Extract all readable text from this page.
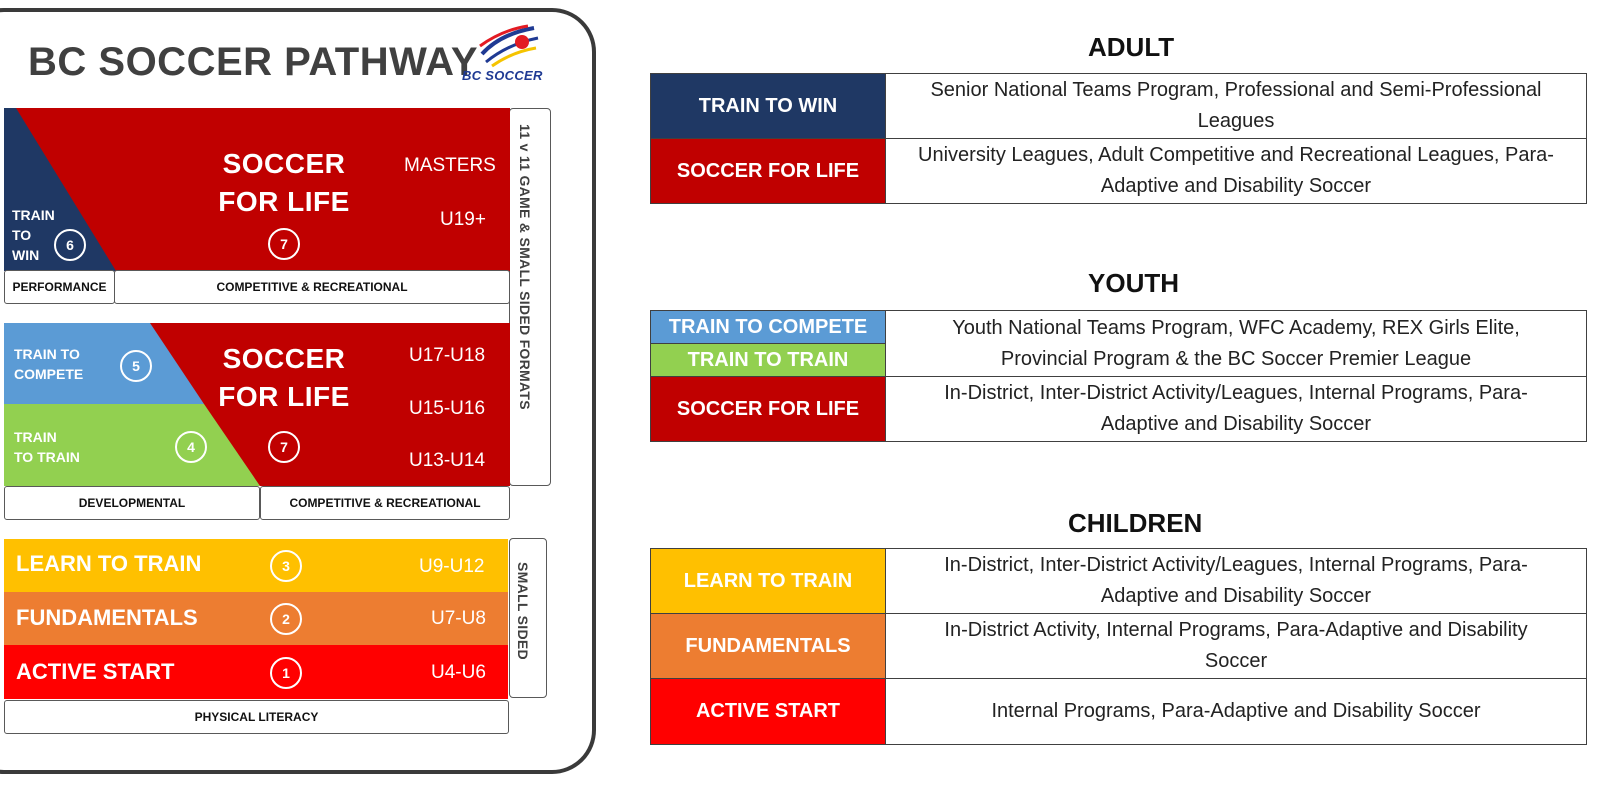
BC SOCCER PATHWAY
BC SOCCER
11 v 11 GAME & SMALL SIDED FORMATS
SMALL SIDED
TRAIN
TO
WIN
6
SOCCER
FOR LIFE
7
MASTERS
U19+
PERFORMANCE	COMPETITIVE & RECREATIONAL
TRAIN TO
COMPETE	5
TRAIN
TO TRAIN
4
SOCCER
FOR LIFE
7
U17-U18
U15-U16
U13-U14
DEVELOPMENTAL	COMPETITIVE & RECREATIONAL
LEARN TO TRAIN	3	U9-U12
FUNDAMENTALS	2	U7-U8
ACTIVE START	1	U4-U6
PHYSICAL LITERACY
ADULT
TRAIN TO WIN	Senior National Teams Program, Professional and Semi-Professional
Leagues

SOCCER FOR LIFE	University Leagues, Adult Competitive and Recreational Leagues, Para-
Adaptive and Disability Soccer
YOUTH
TRAIN TO COMPETE	Youth National Teams Program, WFC Academy, REX Girls Elite,
Provincial Program & the BC Soccer Premier League

TRAIN TO TRAIN	
SOCCER FOR LIFE	In-District, Inter-District Activity/Leagues, Internal Programs, Para-
Adaptive and Disability Soccer
CHILDREN
LEARN TO TRAIN	In-District, Inter-District Activity/Leagues, Internal Programs, Para-
Adaptive and Disability Soccer

FUNDAMENTALS	In-District Activity, Internal Programs, Para-Adaptive and Disability
Soccer

ACTIVE START	Internal Programs, Para-Adaptive and Disability Soccer
